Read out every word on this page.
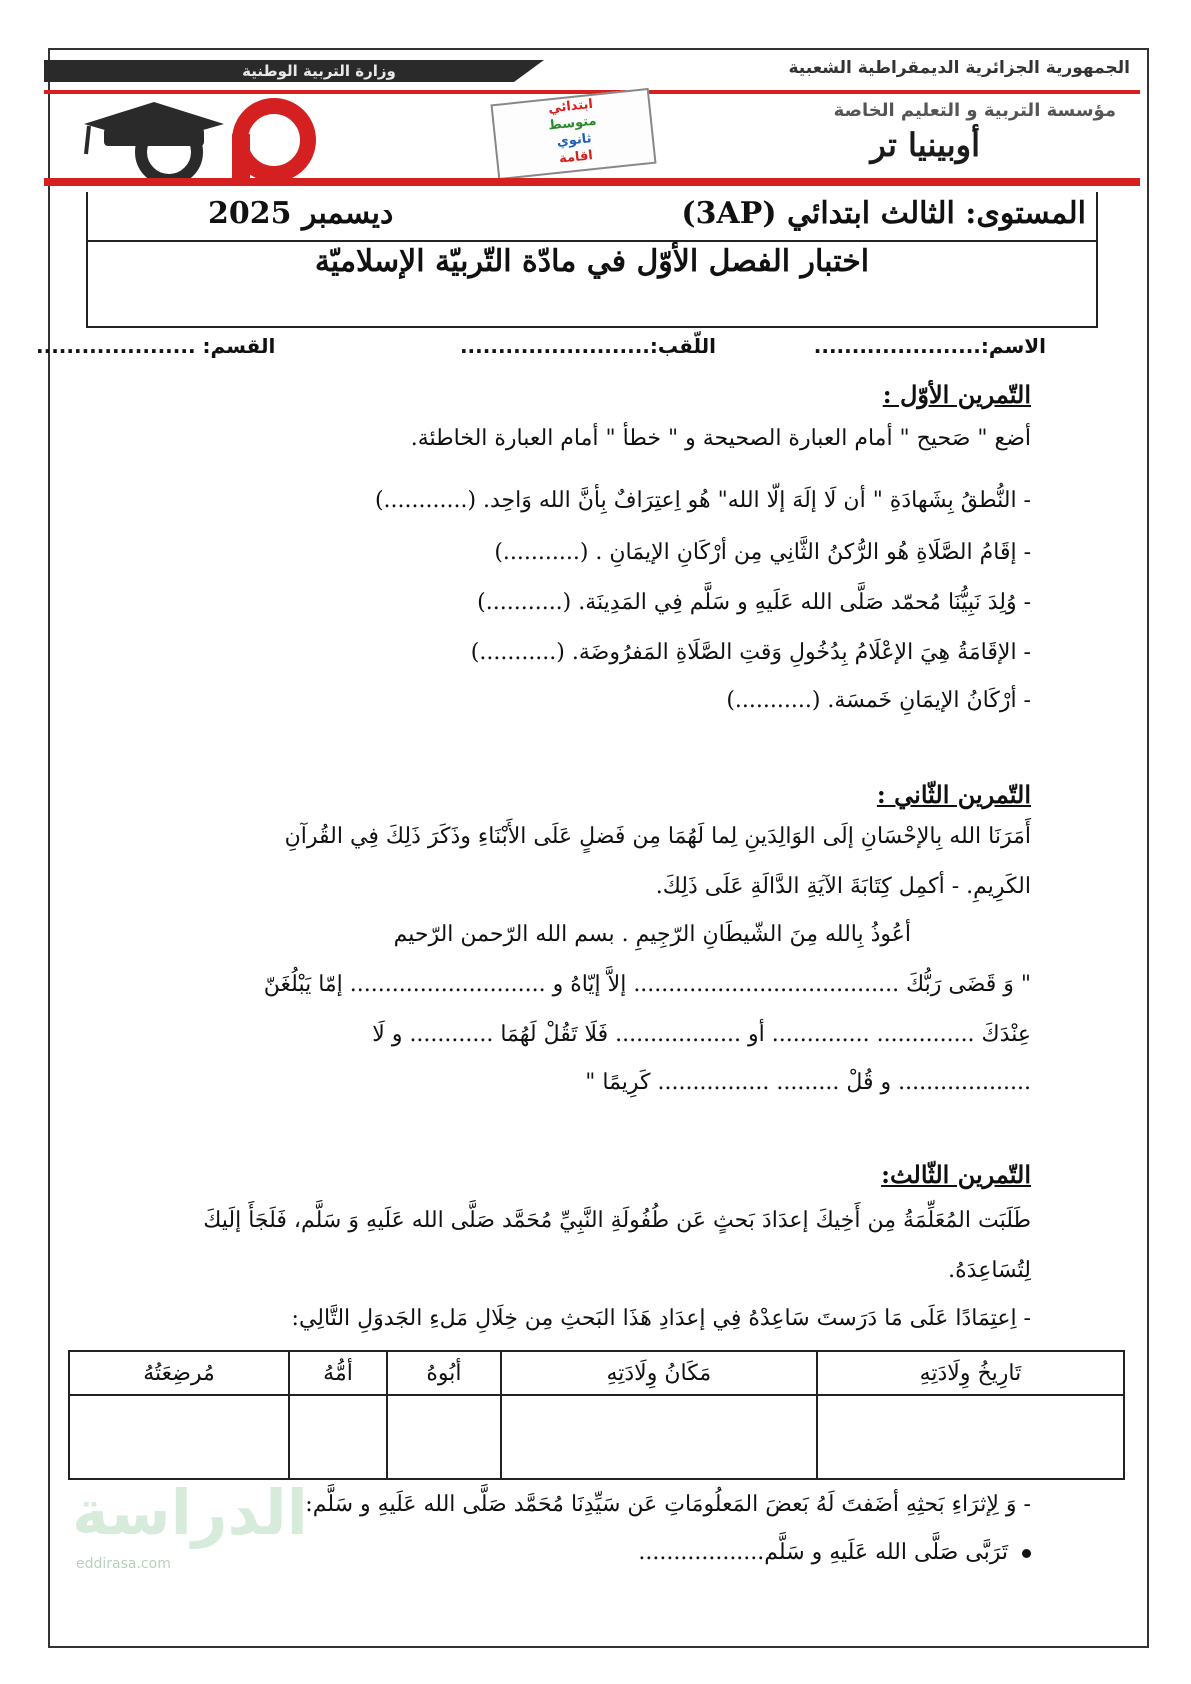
وزارة التربية الوطنية	الجمهورية الجزائرية الديمقراطية الشعبية
ابتدائي
متوسط
ثانوي
اقامة
مؤسسة التربية و التعليم الخاصة
أوبينيا تر
Email: ................@gmail.com 023 71 54 67 : فاكس 023 71 54 63 / 0550 47 22 35 : رقم الهاتف
المستوى: الثالث ابتدائي (3AP)
ديسمبر 2025
اختبار الفصل الأوّل في مادّة التّربيّة الإسلاميّة
الاسم:......................
اللّقب:.........................
القسم: .....................
التّمرين الأوّل :
أضع " صَحيح " أمام العبارة الصحيحة و " خطأ " أمام العبارة الخاطئة.
- النُّطقُ بِشَهادَةِ " أن لَا إلَهَ إلّا الله" هُو اِعتِرَافٌ بِأنَّ الله وَاحِد. (............)
- إقَامُ الصَّلَاةِ هُو الرُّكنُ الثَّانِي مِن أرْكَانِ الإيمَانِ . (...........)
- وُلِدَ نَبِيُّنَا مُحمّد صَلَّى الله عَلَيهِ و سَلَّم فِي المَدِينَة. (...........)
- الإقَامَةُ هِيَ الإعْلَامُ بِدُخُولِ وَقتِ الصَّلَاةِ المَفرُوضَة. (...........)
- أرْكَانُ الإيمَانِ خَمسَة. (...........)
التّمرين الثّاني :
أَمَرَنَا الله بِالإحْسَانِ إلَى الوَالِدَينِ لِما لَهُمَا مِن فَضلٍ عَلَى الأَبْنَاءِ وذَكَرَ ذَلِكَ فِي القُرآنِ
الكَرِيمِ. - أكمِل كِتَابَةَ الآيَةِ الدَّالَةِ عَلَى ذَلِكَ.
أعُوذُ بِالله مِنَ الشّيطَانِ الرّجِيمِ . بسم الله الرّحمن الرّحيم
" وَ قَضَى رَبُّكَ ...................................... إلاَّ إيّاهُ و ............................ إمّا يَبْلُغَنّ
عِنْدَكَ .............. .............. أو .................. فَلَا تَقُلْ لَهُمَا ............ و لَا
................... و قُلْ ......... ................ كَرِيمًا "
التّمرين الثّالث:
طَلَبَت المُعَلِّمَةُ مِن أَخِيكَ إعدَادَ بَحثٍ عَن طُفُولَةِ النَّبِيِّ مُحَمَّد صَلَّى الله عَلَيهِ وَ سَلَّم، فَلَجَأَ إلَيكَ
لِتُسَاعِدَهُ.
- اِعتِمَادًا عَلَى مَا دَرَستَ سَاعِدْهُ فِي إعدَادِ هَذَا البَحثِ مِن خِلَالِ مَلءِ الجَدوَلِ التَّالِي:
تَارِيخُ وِلَادَتِهِ	مَكَانُ وِلَادَتِهِ	أبُوهُ	أمُّهُ	مُرضِعَتُهُ

- وَ لِإثرَاءِ بَحثِهِ أضَفتَ لَهُ بَعضَ المَعلُومَاتِ عَن سَيِّدِنَا مُحَمَّد صَلَّى الله عَلَيهِ و سَلَّم:
تَرَبَّى صَلَّى الله عَلَيهِ و سَلَّم..................
الدراسة
eddirasa.com
